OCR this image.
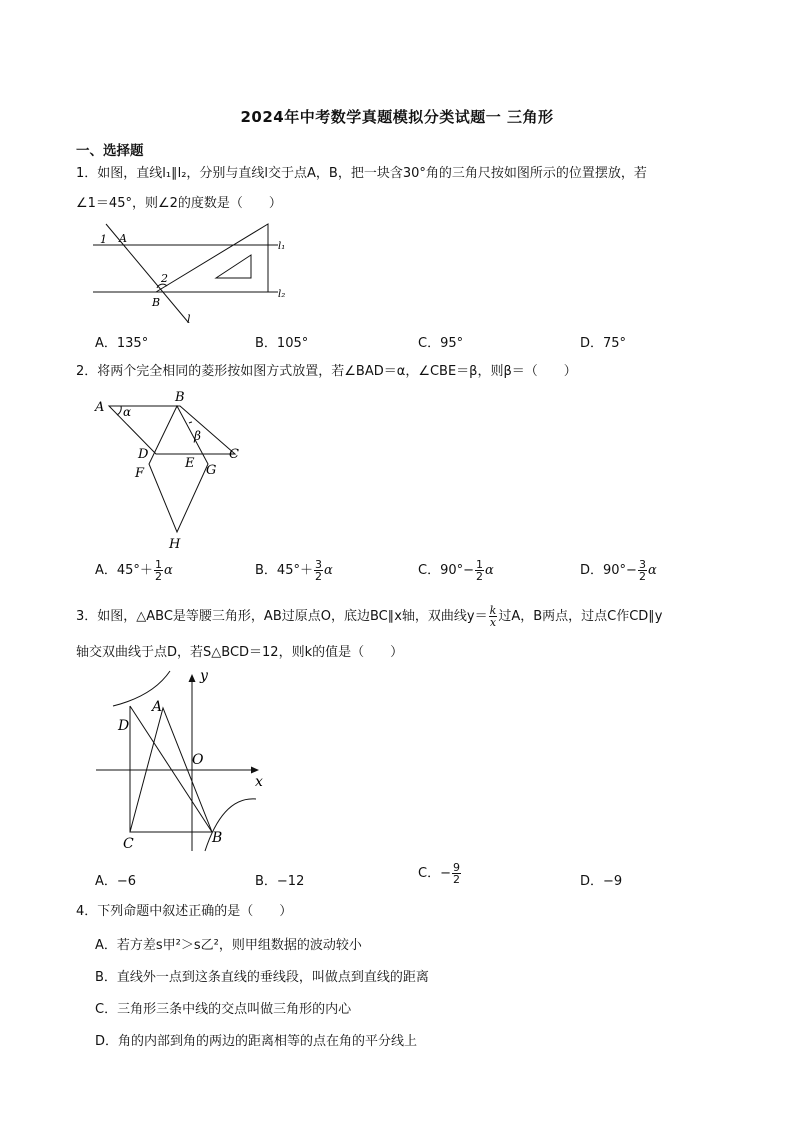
2024年中考数学真题模拟分类试题一 三角形
一、选择题
1．如图，直线l₁∥l₂，分别与直线l交于点A，B，把一块含30°角的三角尺按如图所示的位置摆放，若
∠1＝45°，则∠2的度数是（　　）
1 A
l₁
2
B
l₂
l
A．135°	B．105°	C．95°	D．75°
2．将两个完全相同的菱形按如图方式放置，若∠BAD＝α，∠CBE＝β，则β＝（　　）
A α
B
β
D
E
C
F	G
H
A．$45^\circ+ \frac{1}{2}$ α	B．$45^\circ+ \frac{3}{2}$ α	C．$90^\circ- \frac{1}{2}$ α	D．$90^\circ- \frac{3}{2}$ α
3．如图，△ABC是等腰三角形，AB过原点O，底边BC∥x轴，双曲线$y= \frac{k}{x}$ 过A，B两点，过点C作CD∥y
轴交双曲线于点D，若S△BCD＝12，则k的值是（　　）
y
A
D
O
x
C	B
A．−6	B．−12
C．− $\frac{9}{2}$	D．−9
4．下列命题中叙述正确的是（　　）
A．若方差s甲²＞s乙²，则甲组数据的波动较小
B．直线外一点到这条直线的垂线段，叫做点到直线的距离
C．三角形三条中线的交点叫做三角形的内心
D．角的内部到角的两边的距离相等的点在角的平分线上
